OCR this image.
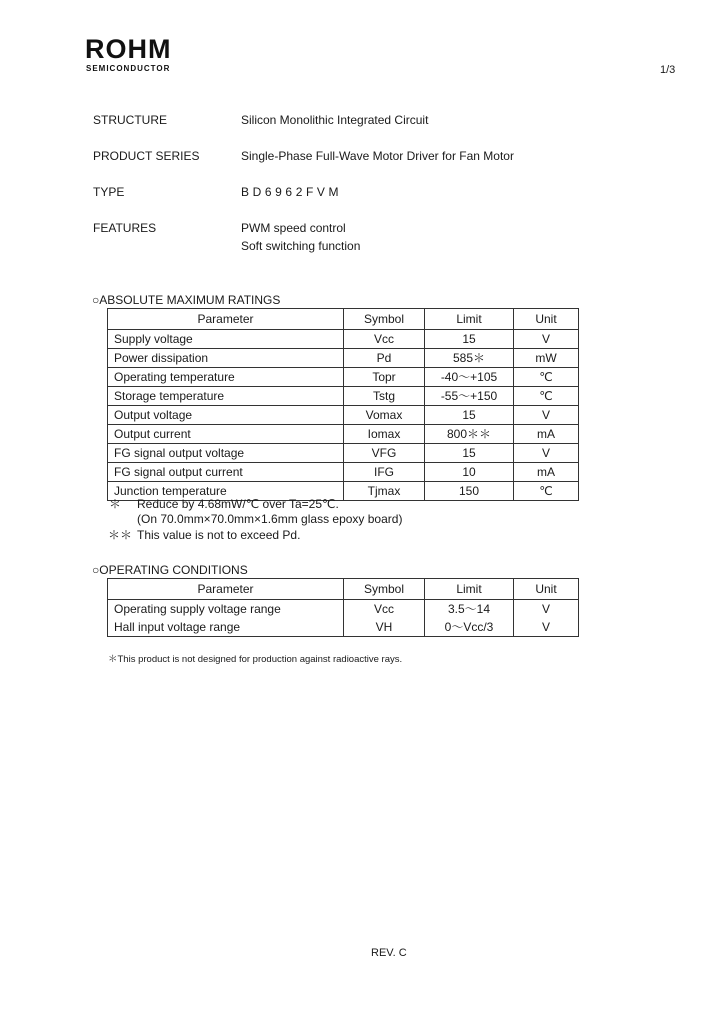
ROHM
SEMICONDUCTOR	1/3
STRUCTURE	Silicon Monolithic Integrated Circuit
PRODUCT SERIES	Single-Phase Full-Wave Motor Driver for Fan Motor
TYPE	BD6962FVM
FEATURES	PWM speed control
Soft switching function
○ABSOLUTE MAXIMUM RATINGS
Parameter	Symbol	Limit	Unit
Supply voltage	Vcc	15	V
Power dissipation	Pd	585＊	mW
Operating temperature	Topr	-40～+105	℃
Storage temperature	Tstg	-55～+150	℃
Output voltage	Vomax	15	V
Output current	Iomax	800＊＊	mA
FG signal output voltage	VFG	15	V
FG signal output current	IFG	10	mA
Junction temperature	Tjmax	150	℃
＊ Reduce by 4.68mW/℃ over Ta=25℃.
(On 70.0mm×70.0mm×1.6mm glass epoxy board)
＊＊ This value is not to exceed Pd.
○OPERATING CONDITIONS
Parameter	Symbol	Limit	Unit
Operating supply voltage range	Vcc	3.5～14	V
Hall input voltage range	VH	0～Vcc/3	V
＊This product is not designed for production against radioactive rays.
REV. C
